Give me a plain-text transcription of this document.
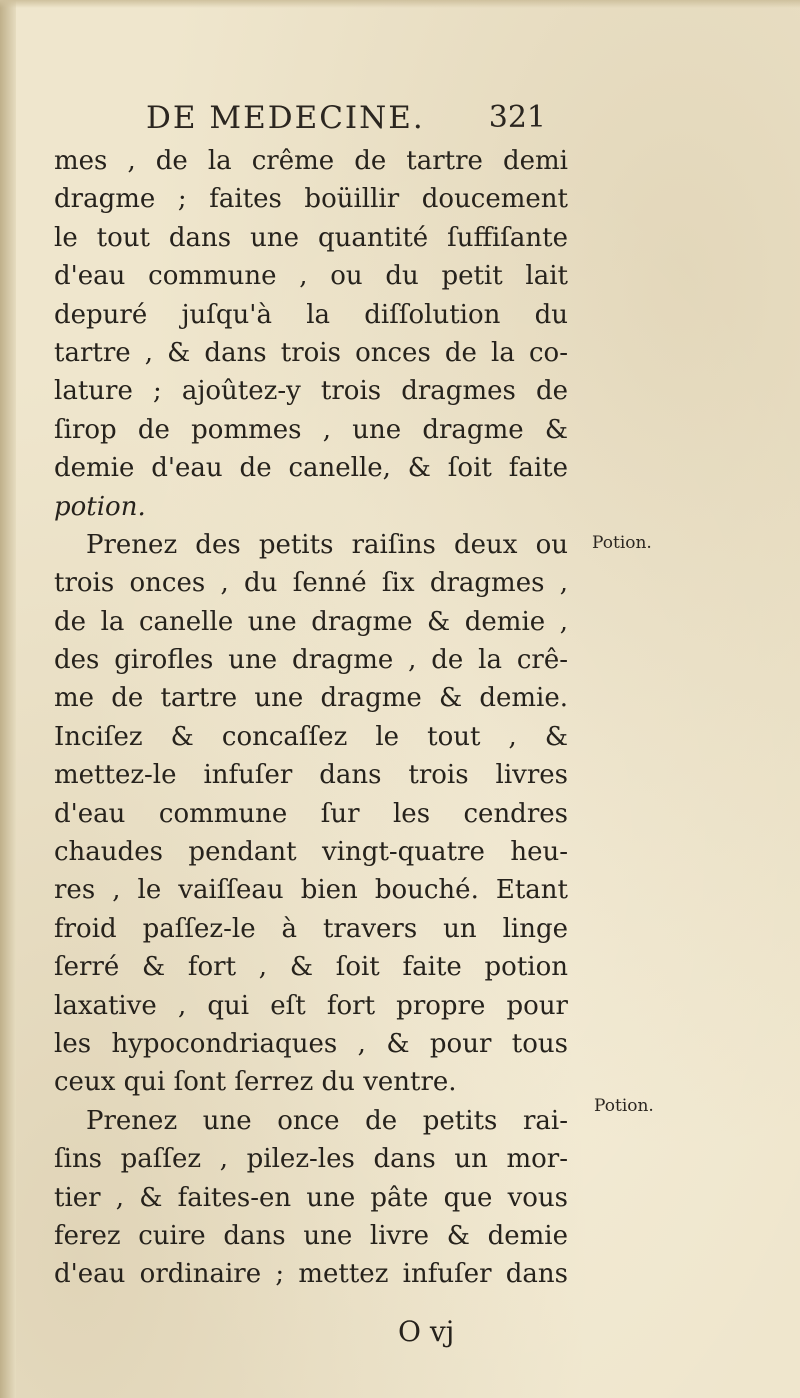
DE MEDECINE. 321
mes , de la crême de tartre demi
dragme ; faites boüillir doucement
le tout dans une quantité ſuffiſante
d'eau commune , ou du petit lait
depuré juſqu'à la diſſolution du
tartre , & dans trois onces de la co-
lature ; ajoûtez-y trois dragmes de
ſirop de pommes , une dragme &
demie d'eau de canelle, & ſoit faite
potion.
Prenez des petits raiſins deux ou
trois onces , du ſenné ſix dragmes ,
de la canelle une dragme & demie ,
des girofles une dragme , de la crê-
me de tartre une dragme & demie.
Inciſez & concaſſez le tout , &
mettez-le infuſer dans trois livres
d'eau commune ſur les cendres
chaudes pendant vingt-quatre heu-
res , le vaiſſeau bien bouché. Etant
froid paſſez-le à travers un linge
ſerré & fort , & ſoit faite potion
laxative , qui eſt fort propre pour
les hypocondriaques , & pour tous
ceux qui ſont ſerrez du ventre.
Prenez une once de petits rai-
ſins paſſez , pilez-les dans un mor-
tier , & faites-en une pâte que vous
ferez cuire dans une livre & demie
d'eau ordinaire ; mettez infuſer dans
Potion.
Potion.
O vj
